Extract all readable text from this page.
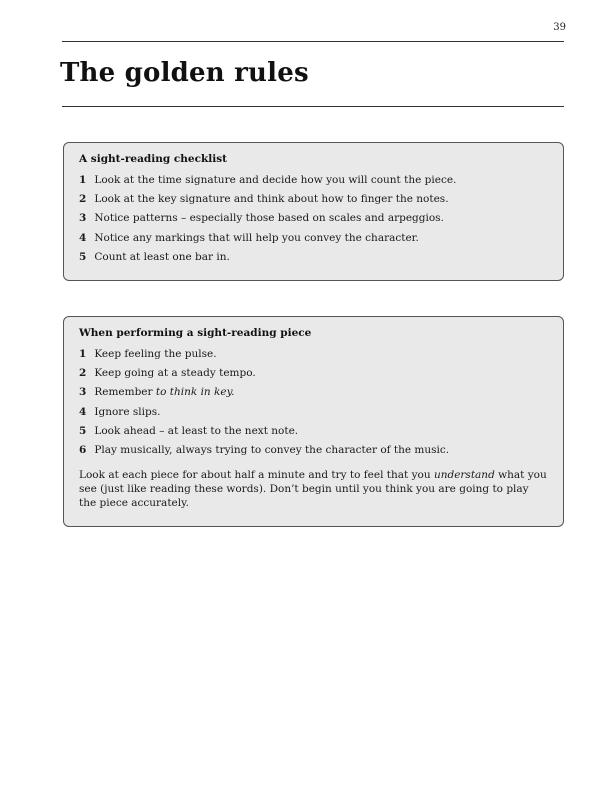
39
The golden rules
A sight-reading checklist
1 Look at the time signature and decide how you will count the piece.
2 Look at the key signature and think about how to finger the notes.
3 Notice patterns – especially those based on scales and arpeggios.
4 Notice any markings that will help you convey the character.
5 Count at least one bar in.
When performing a sight-reading piece
1 Keep feeling the pulse.
2 Keep going at a steady tempo.
3 Remember to think in key.
4 Ignore slips.
5 Look ahead – at least to the next note.
6 Play musically, always trying to convey the character of the music.

Look at each piece for about half a minute and try to feel that you understand what you see (just like reading these words). Don’t begin until you think you are going to play the piece accurately.
